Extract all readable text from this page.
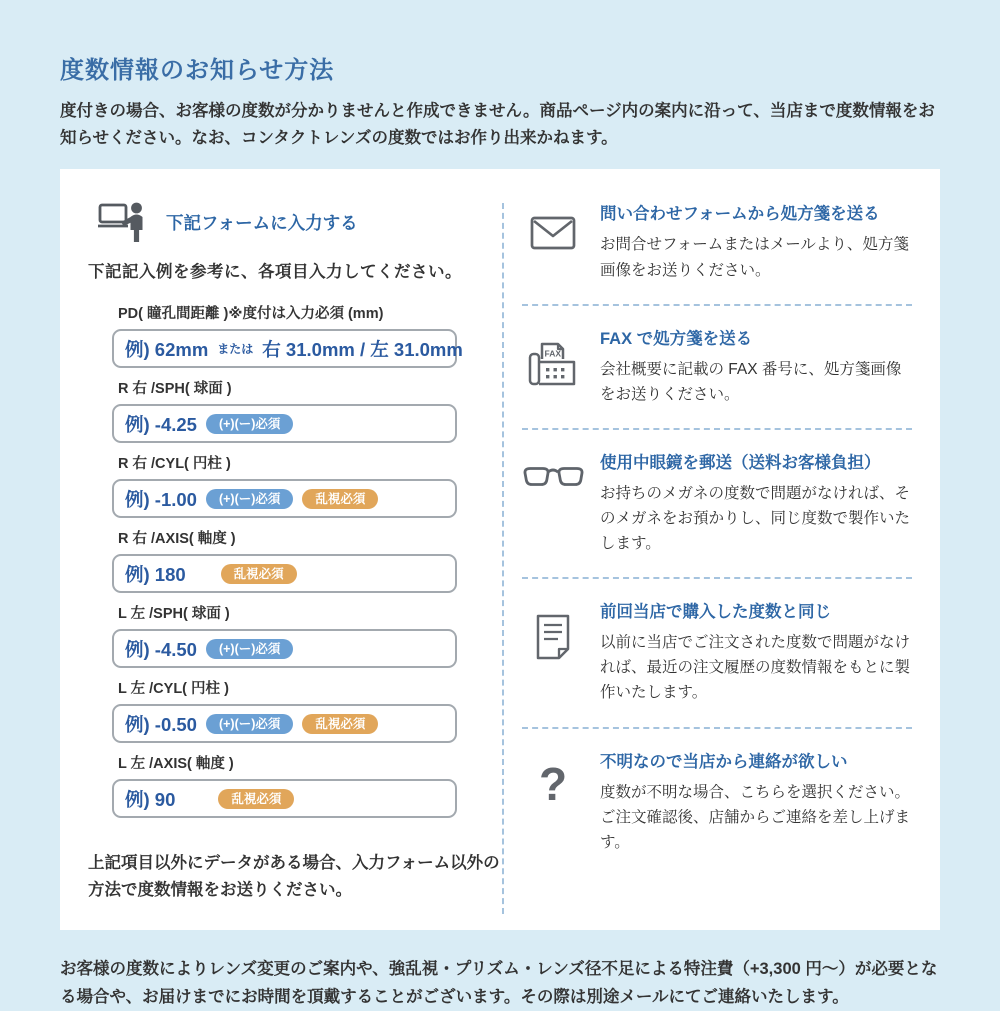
度数情報のお知らせ方法

度付きの場合、お客様の度数が分かりませんと作成できません。商品ページ内の案内に沿って、当店まで度数情報をお知らせください。なお、コンタクトレンズの度数ではお作り出来かねます。

下記フォームに入力する

下記記入例を参考に、各項目入力してください。

PD( 瞳孔間距離 )※度付は入力必須 (mm)
例) 62mm または 右 31.0mm / 左 31.0mm
R 右 /SPH( 球面 )
例) -4.25	(+)(ー)必須
R 右 /CYL( 円柱 )
例) -1.00	(+)(ー)必須	乱視必須
R 右 /AXIS( 軸度 )
例) 180	乱視必須
L 左 /SPH( 球面 )
例) -4.50	(+)(ー)必須
L 左 /CYL( 円柱 )
例) -0.50	(+)(ー)必須	乱視必須
L 左 /AXIS( 軸度 )
例) 90	乱視必須

上記項目以外にデータがある場合、入力フォーム以外の方法で度数情報をお送りください。

問い合わせフォームから処方箋を送る
お問合せフォームまたはメールより、処方箋画像をお送りください。
FAX
FAX で処方箋を送る
会社概要に記載の FAX 番号に、処方箋画像をお送りください。
使用中眼鏡を郵送（送料お客様負担）
お持ちのメガネの度数で問題がなければ、そのメガネをお預かりし、同じ度数で製作いたします。
前回当店で購入した度数と同じ
以前に当店でご注文された度数で問題がなければ、最近の注文履歴の度数情報をもとに製作いたします。
? 不明なので当店から連絡が欲しい
度数が不明な場合、こちらを選択ください。ご注文確認後、店舗からご連絡を差し上げます。

お客様の度数によりレンズ変更のご案内や、強乱視・プリズム・レンズ径不足による特注費（+3,300 円〜）が必要となる場合や、お届けまでにお時間を頂戴することがございます。その際は別途メールにてご連絡いたします。
